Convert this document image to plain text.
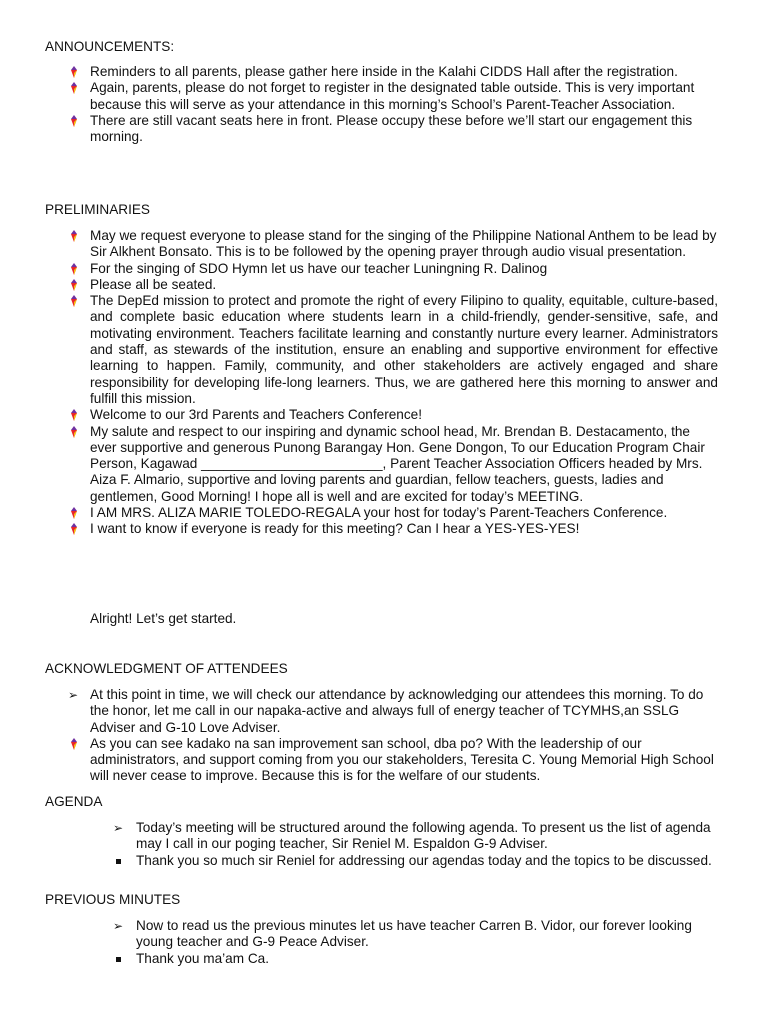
ANNOUNCEMENTS:
Reminders to all parents, please gather here inside in the Kalahi CIDDS Hall after the registration.
Again, parents, please do not forget to register in the designated table outside. This is very important because this will serve as your attendance in this morning’s School’s Parent-Teacher Association.
There are still vacant seats here in front. Please occupy these before we’ll start our engagement this morning.
PRELIMINARIES
May we request everyone to please stand for the singing of the Philippine National Anthem to be lead by Sir Alkhent Bonsato. This is to be followed by the opening prayer through audio visual presentation.
For the singing of SDO Hymn let us have our teacher Luningning R. Dalinog
Please all be seated.
The DepEd mission to protect and promote the right of every Filipino to quality, equitable, culture-based, and complete basic education where students learn in a child-friendly, gender-sensitive, safe, and motivating environment. Teachers facilitate learning and constantly nurture every learner. Administrators and staff, as stewards of the institution, ensure an enabling and supportive environment for effective learning to happen. Family, community, and other stakeholders are actively engaged and share responsibility for developing life-long learners. Thus, we are gathered here this morning to answer and fulfill this mission.
Welcome to our 3rd Parents and Teachers Conference!
My salute and respect to our inspiring and dynamic school head, Mr. Brendan B. Destacamento, the ever supportive and generous Punong Barangay Hon. Gene Dongon, To our Education Program Chair Person, Kagawad ________________________, Parent Teacher Association Officers headed by Mrs. Aiza F. Almario, supportive and loving parents and guardian, fellow teachers, guests, ladies and gentlemen, Good Morning! I hope all is well and are excited for today’s MEETING.
I AM MRS. ALIZA MARIE TOLEDO-REGALA your host for today’s Parent-Teachers Conference.
I want to know if everyone is ready for this meeting? Can I hear a YES-YES-YES!

Alright! Let’s get started.

ACKNOWLEDGMENT OF ATTENDEES
➢ At this point in time, we will check our attendance by acknowledging our attendees this morning. To do the honor, let me call in our napaka-active and always full of energy teacher of TCYMHS,an SSLG Adviser and G-10 Love Adviser.
As you can see kadako na san improvement san school, dba po? With the leadership of our administrators, and support coming from you our stakeholders, Teresita C. Young Memorial High School will never cease to improve. Because this is for the welfare of our students.
AGENDA
➢ Today’s meeting will be structured around the following agenda. To present us the list of agenda may I call in our poging teacher, Sir Reniel M. Espaldon G-9 Adviser.
Thank you so much sir Reniel for addressing our agendas today and the topics to be discussed.
PREVIOUS MINUTES
➢ Now to read us the previous minutes let us have teacher Carren B. Vidor, our forever looking young teacher and G-9 Peace Adviser.
Thank you ma’am Ca.
